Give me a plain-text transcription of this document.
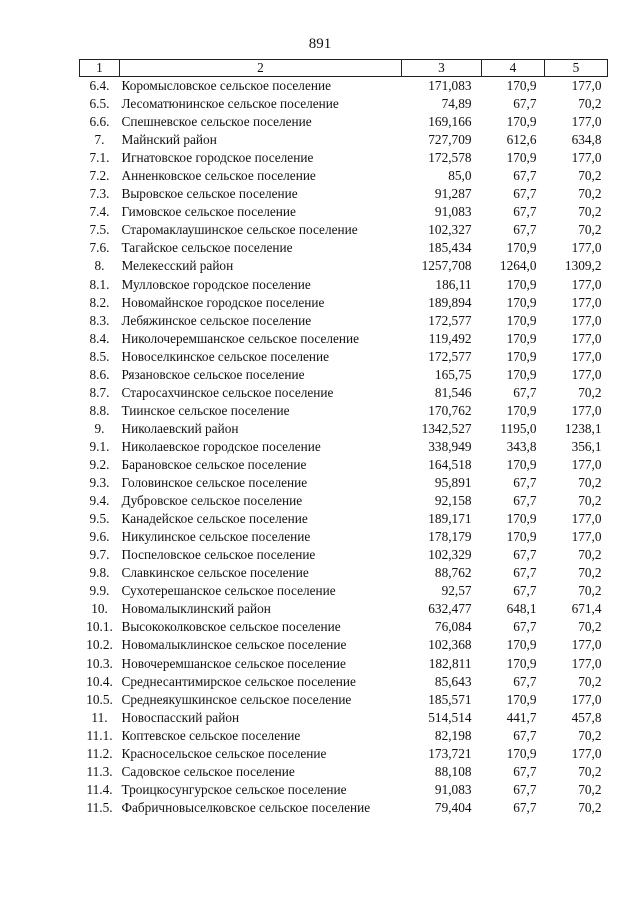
891
1	2	3	4	5
6.4.	Коромысловское сельское поселение	171,083	170,9	177,0
6.5.	Лесоматюнинское сельское поселение	74,89	67,7	70,2
6.6.	Спешневское сельское поселение	169,166	170,9	177,0
7.	Майнский район	727,709	612,6	634,8
7.1.	Игнатовское городское поселение	172,578	170,9	177,0
7.2.	Анненковское сельское поселение	85,0	67,7	70,2
7.3.	Выровское сельское поселение	91,287	67,7	70,2
7.4.	Гимовское сельское поселение	91,083	67,7	70,2
7.5.	Старомаклаушинское сельское поселение	102,327	67,7	70,2
7.6.	Тагайское сельское поселение	185,434	170,9	177,0
8.	Мелекесский район	1257,708	1264,0	1309,2
8.1.	Мулловское городское поселение	186,11	170,9	177,0
8.2.	Новомайнское городское поселение	189,894	170,9	177,0
8.3.	Лебяжинское сельское поселение	172,577	170,9	177,0
8.4.	Николочеремшанское сельское поселение	119,492	170,9	177,0
8.5.	Новоселкинское сельское поселение	172,577	170,9	177,0
8.6.	Рязановское сельское поселение	165,75	170,9	177,0
8.7.	Старосахчинское сельское поселение	81,546	67,7	70,2
8.8.	Тиинское сельское поселение	170,762	170,9	177,0
9.	Николаевский район	1342,527	1195,0	1238,1
9.1.	Николаевское городское поселение	338,949	343,8	356,1
9.2.	Барановское сельское поселение	164,518	170,9	177,0
9.3.	Головинское сельское поселение	95,891	67,7	70,2
9.4.	Дубровское сельское поселение	92,158	67,7	70,2
9.5.	Канадейское сельское поселение	189,171	170,9	177,0
9.6.	Никулинское сельское поселение	178,179	170,9	177,0
9.7.	Поспеловское сельское поселение	102,329	67,7	70,2
9.8.	Славкинское сельское поселение	88,762	67,7	70,2
9.9.	Сухотерешанское сельское поселение	92,57	67,7	70,2
10.	Новомалыклинский район	632,477	648,1	671,4
10.1.	Высококолковское сельское поселение	76,084	67,7	70,2
10.2.	Новомалыклинское сельское поселение	102,368	170,9	177,0
10.3.	Новочеремшанское сельское поселение	182,811	170,9	177,0
10.4.	Среднесантимирское сельское поселение	85,643	67,7	70,2
10.5.	Среднеякушкинское сельское поселение	185,571	170,9	177,0
11.	Новоспасский район	514,514	441,7	457,8
11.1.	Коптевское сельское поселение	82,198	67,7	70,2
11.2.	Красносельское сельское поселение	173,721	170,9	177,0
11.3.	Садовское сельское поселение	88,108	67,7	70,2
11.4.	Троицкосунгурское сельское поселение	91,083	67,7	70,2
11.5.	Фабричновыселковское сельское поселение	79,404	67,7	70,2
